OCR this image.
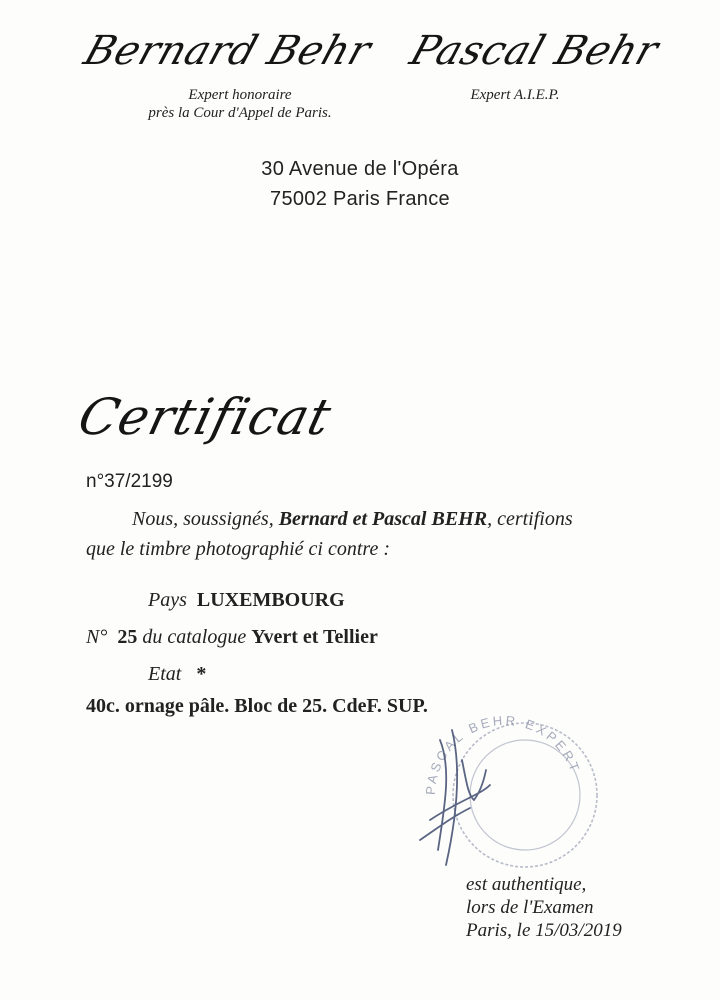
Bernard Behr Pascal Behr
Expert honoraire
près la Cour d'Appel de Paris.
Expert A.I.E.P.
30 Avenue de l'Opéra
75002 Paris France
Certificat
n°37/2199
Nous, soussignés, Bernard et Pascal BEHR, certifions
que le timbre photographié ci contre :
Pays LUXEMBOURG
N° 25 du catalogue Yvert et Tellier
Etat *
40c. ornage pâle. Bloc de 25. CdeF. SUP.
PASCAL BEHR EXPERT
est authentique,
lors de l'Examen
Paris, le 15/03/2019
